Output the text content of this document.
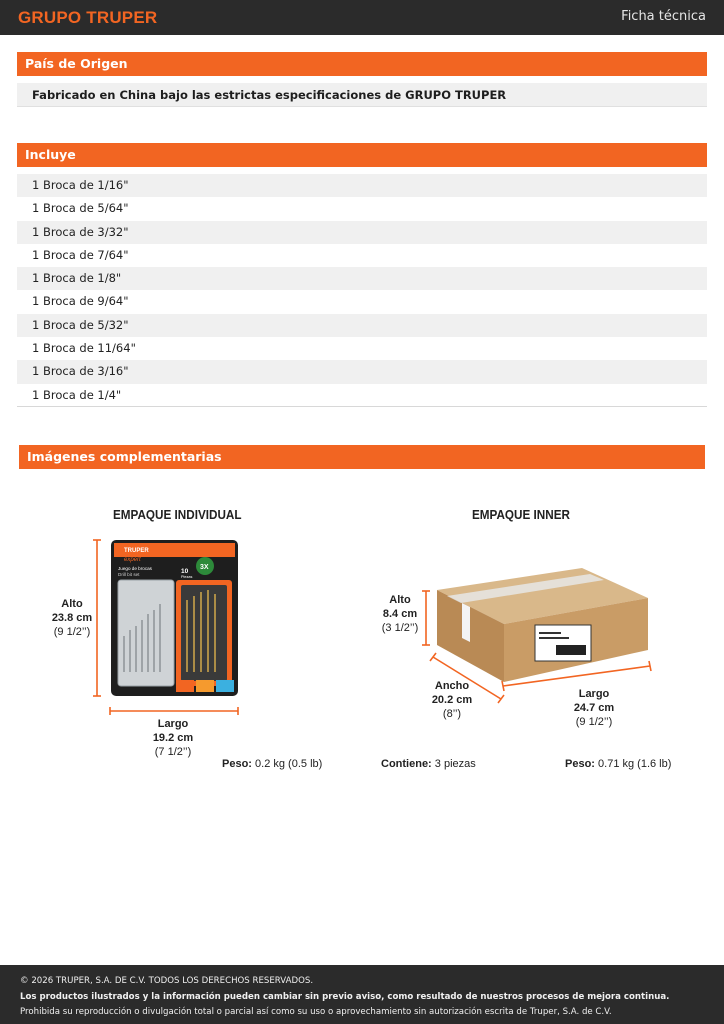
GRUPO TRUPER	Ficha técnica
País de Origen
Fabricado en China bajo las estrictas especificaciones de GRUPO TRUPER
Incluye
1 Broca de 1/16"
1 Broca de 5/64"
1 Broca de 3/32"
1 Broca de 7/64"
1 Broca de 1/8"
1 Broca de 9/64"
1 Broca de 5/32"
1 Broca de 11/64"
1 Broca de 3/16"
1 Broca de 1/4"
Imágenes complementarias
EMPAQUE INDIVIDUAL	EMPAQUE INNER
TRUPER
expert
Juego de brocas
Drill bit set	10
Piezas
3X
Alto
23.8 cm
(9 1/2’’)
Largo
19.2 cm
(7 1/2’’)
Peso: 0.2 kg (0.5 lb)
Alto
8.4 cm
(3 1/2’’)
Ancho
20.2 cm
(8’’)
Largo
24.7 cm
(9 1/2’’)
Contiene: 3 piezas	Peso: 0.71 kg (1.6 lb)
© 2026 TRUPER, S.A. DE C.V. TODOS LOS DERECHOS RESERVADOS.
Los productos ilustrados y la información pueden cambiar sin previo aviso, como resultado de nuestros procesos de mejora continua.
Prohibida su reproducción o divulgación total o parcial así como su uso o aprovechamiento sin autorización escrita de Truper, S.A. de C.V.
